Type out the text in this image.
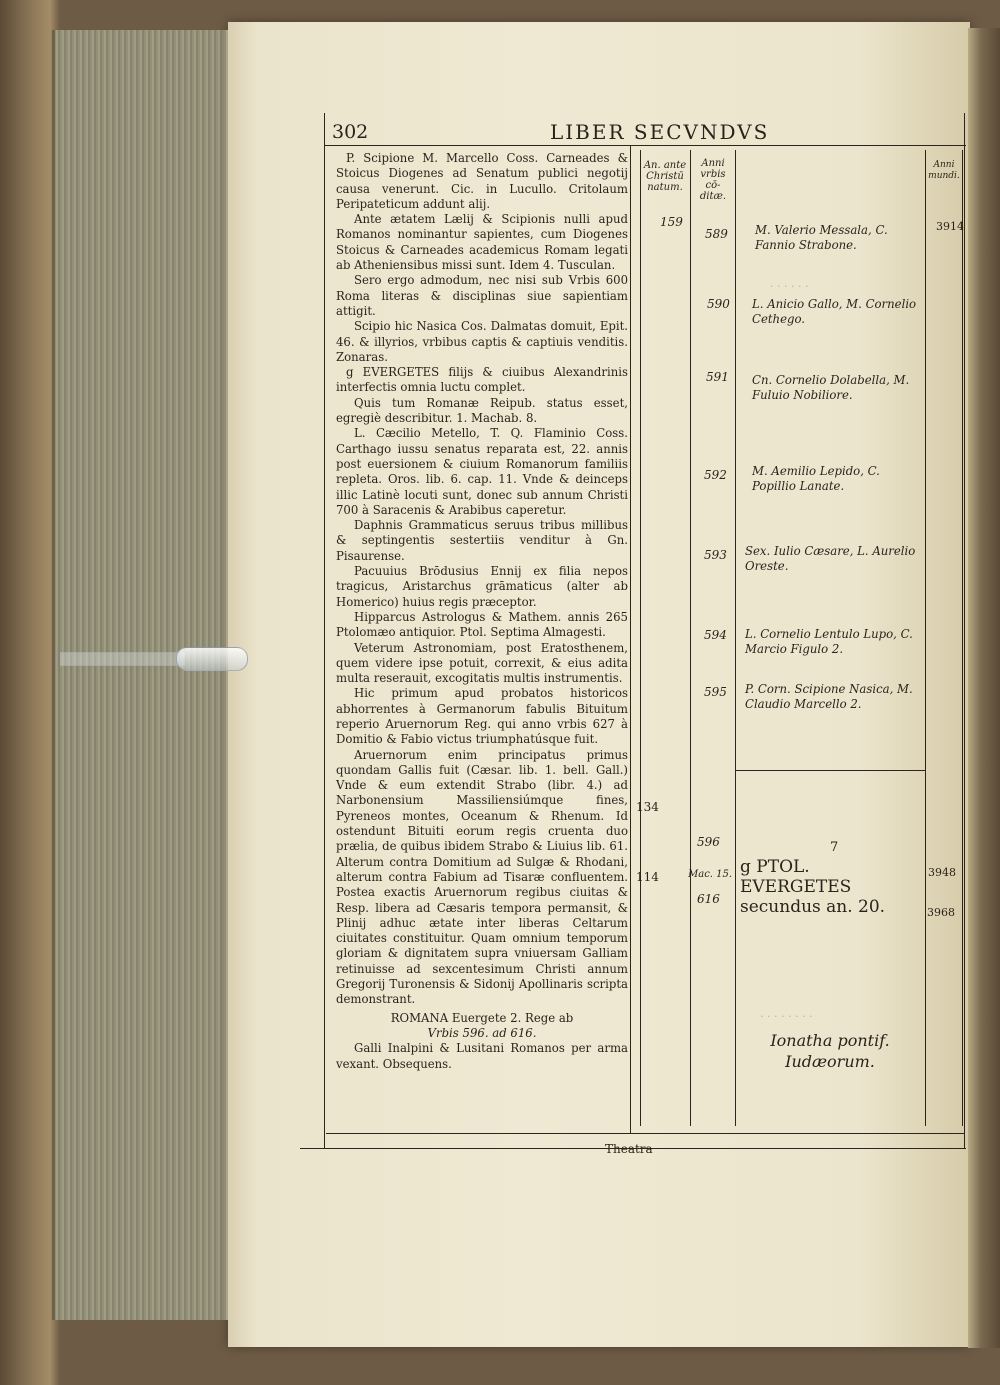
302	LIBER SECVNDVS
An. ante Christū natum.
Anni vrbis cō-ditæ.
Anni mundi.

P. Scipione M. Marcello Coss. Carneades & Stoicus Diogenes ad Senatum publici negotij causa venerunt. Cic. in Lucullo. Critolaum Peripateticum addunt alij.

Ante ætatem Lælij & Scipionis nulli apud Romanos nominantur sapientes, cum Diogenes Stoicus & Carneades academicus Romam legati ab Atheniensibus missi sunt. Idem 4. Tusculan.

Sero ergo admodum, nec nisi sub Vrbis 600 Roma literas & disciplinas siue sapientiam attigit.

Scipio hic Nasica Cos. Dalmatas domuit, Epit. 46. & illyrios, vrbibus captis & captiuis venditis. Zonaras.

g EVERGETES filijs & ciuibus Alexandrinis interfectis omnia luctu complet.

Quis tum Romanæ Reipub. status esset, egregiè describitur. 1. Machab. 8.

L. Cæcilio Metello, T. Q. Flaminio Coss. Carthago iussu senatus reparata est, 22. annis post euersionem & ciuium Romanorum familiis repleta. Oros. lib. 6. cap. 11. Vnde & deinceps illic Latinè locuti sunt, donec sub annum Christi 700 à Saracenis & Arabibus caperetur.

Daphnis Grammaticus seruus tribus millibus & septingentis sestertiis venditur à Gn. Pisaurense.

Pacuuius Brōdusius Ennij ex filia nepos tragicus, Aristarchus grāmaticus (alter ab Homerico) huius regis præceptor.

Hipparcus Astrologus & Mathem. annis 265 Ptolomæo antiquior. Ptol. Septima Almagesti.

Veterum Astronomiam, post Eratosthenem, quem videre ipse potuit, correxit, & eius adita multa reserauit, excogitatis multis instrumentis.

Hic primum apud probatos historicos abhorrentes à Germanorum fabulis Bituitum reperio Aruernorum Reg. qui anno vrbis 627 à Domitio & Fabio victus triumphatúsque fuit.

Aruernorum enim principatus primus quondam Gallis fuit (Cæsar. lib. 1. bell. Gall.) Vnde & eum extendit Strabo (libr. 4.) ad Narbonensium Massiliensiúmque fines, Pyreneos montes, Oceanum & Rhenum. Id ostendunt Bituiti eorum regis cruenta duo prælia, de quibus ibidem Strabo & Liuius lib. 61. Alterum contra Domitium ad Sulgæ & Rhodani, alterum contra Fabium ad Tisaræ confluentem. Postea exactis Aruernorum regibus ciuitas & Resp. libera ad Cæsaris tempora permansit, & Plinij adhuc ætate inter liberas Celtarum ciuitates constituitur. Quam omnium temporum gloriam & dignitatem supra vniuersam Galliam retinuisse ad sexcentesimum Christi annum Gregorij Turonensis & Sidonij Apollinaris scripta demonstrant.

ROMANA Euergete 2. Rege ab

Vrbis 596. ad 616.

Galli Inalpini & Lusitani Romanos per arma vexant. Obsequens.

159
134
114
589
590
591
592
593
594
595
596
Mac. 15.
616
M. Valerio Messala, C. Fannio Strabone.
L. Anicio Gallo, M. Cornelio Cethego.
Cn. Cornelio Dolabella, M. Fuluio Nobiliore.
M. Aemilio Lepido, C. Popillio Lanate.
Sex. Iulio Cæsare, L. Aurelio Oreste.
L. Cornelio Lentulo Lupo, C. Marcio Figulo 2.
P. Corn. Scipione Nasica, M. Claudio Marcello 2.
· · · · · ·
· · · · · · · ·
3914
3948
3968
7
g PTOL. EVERGETES secundus an. 20.
Ionatha pontif. Iudæorum.
Theatra
